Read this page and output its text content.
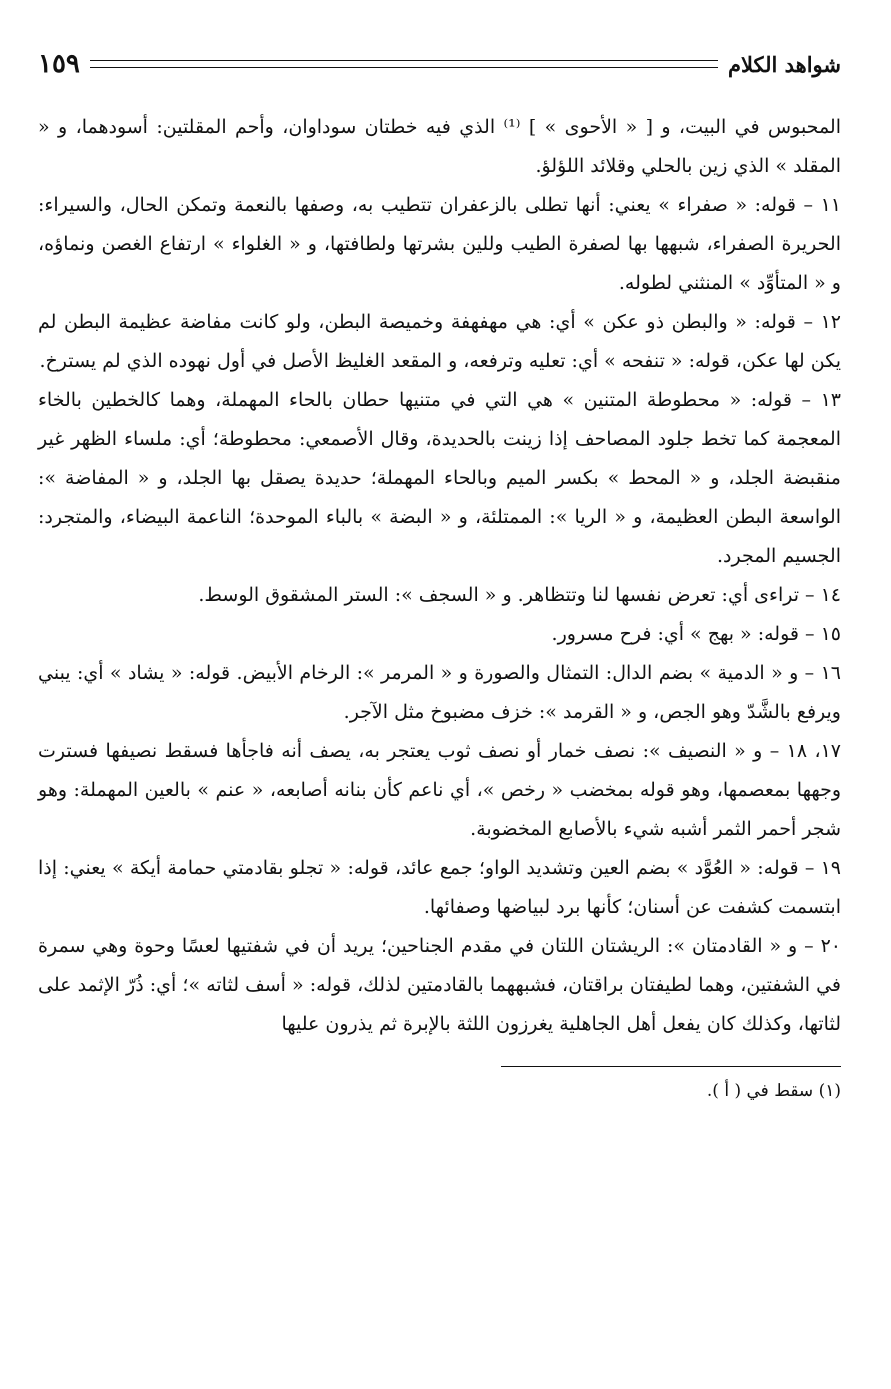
شواهد الكلام
١٥٩

المحبوس في البيت، و [ « الأحوى » ] ⁽¹⁾ الذي فيه خطتان سوداوان، وأحم المقلتين: أسودهما، و « المقلد » الذي زين بالحلي وقلائد اللؤلؤ.

١١ – قوله: « صفراء » يعني: أنها تطلى بالزعفران تتطيب به، وصفها بالنعمة وتمكن الحال، والسيراء: الحريرة الصفراء، شبهها بها لصفرة الطيب وللين بشرتها ولطافتها، و « الغلواء » ارتفاع الغصن ونماؤه، و « المتأوِّد » المنثني لطوله.

١٢ – قوله: « والبطن ذو عكن » أي: هي مهفهفة وخميصة البطن، ولو كانت مفاضة عظيمة البطن لم يكن لها عكن، قوله: « تنفحه » أي: تعليه وترفعه، و المقعد الغليظ الأصل في أول نهوده الذي لم يسترخ.

١٣ – قوله: « محطوطة المتنين » هي التي في متنيها حطان بالحاء المهملة، وهما كالخطين بالخاء المعجمة كما تخط جلود المصاحف إذا زينت بالحديدة، وقال الأصمعي: محطوطة؛ أي: ملساء الظهر غير منقبضة الجلد، و « المحط » بكسر الميم وبالحاء المهملة؛ حديدة يصقل بها الجلد، و « المفاضة »: الواسعة البطن العظيمة، و « الريا »: الممتلئة، و « البضة » بالباء الموحدة؛ الناعمة البيضاء، والمتجرد: الجسيم المجرد.

١٤ – تراءى أي: تعرض نفسها لنا وتتظاهر. و « السجف »: الستر المشقوق الوسط.

١٥ – قوله: « بهج » أي: فرح مسرور.

١٦ – و « الدمية » بضم الدال: التمثال والصورة و « المرمر »: الرخام الأبيض. قوله: « يشاد » أي: يبني ويرفع بالشَّدّ وهو الجص، و « القرمد »: خزف مضبوخ مثل الآجر.

١٧، ١٨ – و « النصيف »: نصف خمار أو نصف ثوب يعتجر به، يصف أنه فاجأها فسقط نصيفها فسترت وجهها بمعصمها، وهو قوله بمخضب « رخص »، أي ناعم كأن بنانه أصابعه، « عنم » بالعين المهملة: وهو شجر أحمر الثمر أشبه شيء بالأصابع المخضوبة.

١٩ – قوله: « العُوَّد » بضم العين وتشديد الواو؛ جمع عائد، قوله: « تجلو بقادمتي حمامة أيكة » يعني: إذا ابتسمت كشفت عن أسنان؛ كأنها برد لبياضها وصفائها.

٢٠ – و « القادمتان »: الريشتان اللتان في مقدم الجناحين؛ يريد أن في شفتيها لعسًا وحوة وهي سمرة في الشفتين، وهما لطيفتان براقتان، فشبههما بالقادمتين لذلك، قوله: « أسف لثاته »؛ أي: ذُرّ الإثمد على لثاتها، وكذلك كان يفعل أهل الجاهلية يغرزون اللثة بالإبرة ثم يذرون عليها

(١) سقط في ( أ ).
